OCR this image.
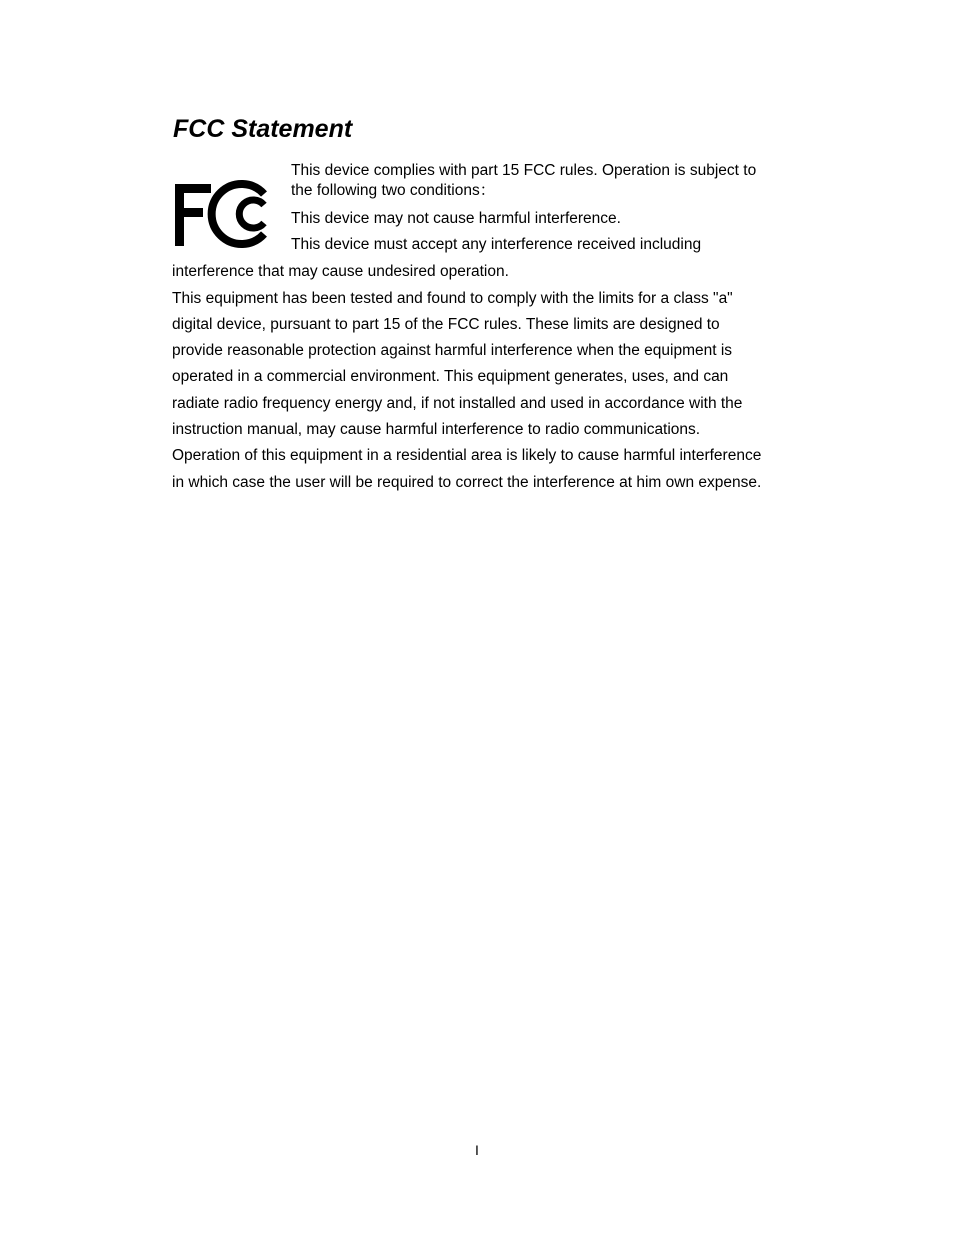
FCC Statement

This device complies with part 15 FCC rules. Operation is subject to

the following two conditions：

This device may not cause harmful interference.

This device must accept any interference received including

interference that may cause undesired operation.

This equipment has been tested and found to comply with the limits for a class "a"

digital device, pursuant to part 15 of the FCC rules. These limits are designed to

provide reasonable protection against harmful interference when the equipment is

operated in a commercial environment. This equipment generates, uses, and can

radiate radio frequency energy and, if not installed and used in accordance with the

instruction manual, may cause harmful interference to radio communications.

Operation of this equipment in a residential area is likely to cause harmful interference

in which case the user will be required to correct the interference at him own expense.

I
